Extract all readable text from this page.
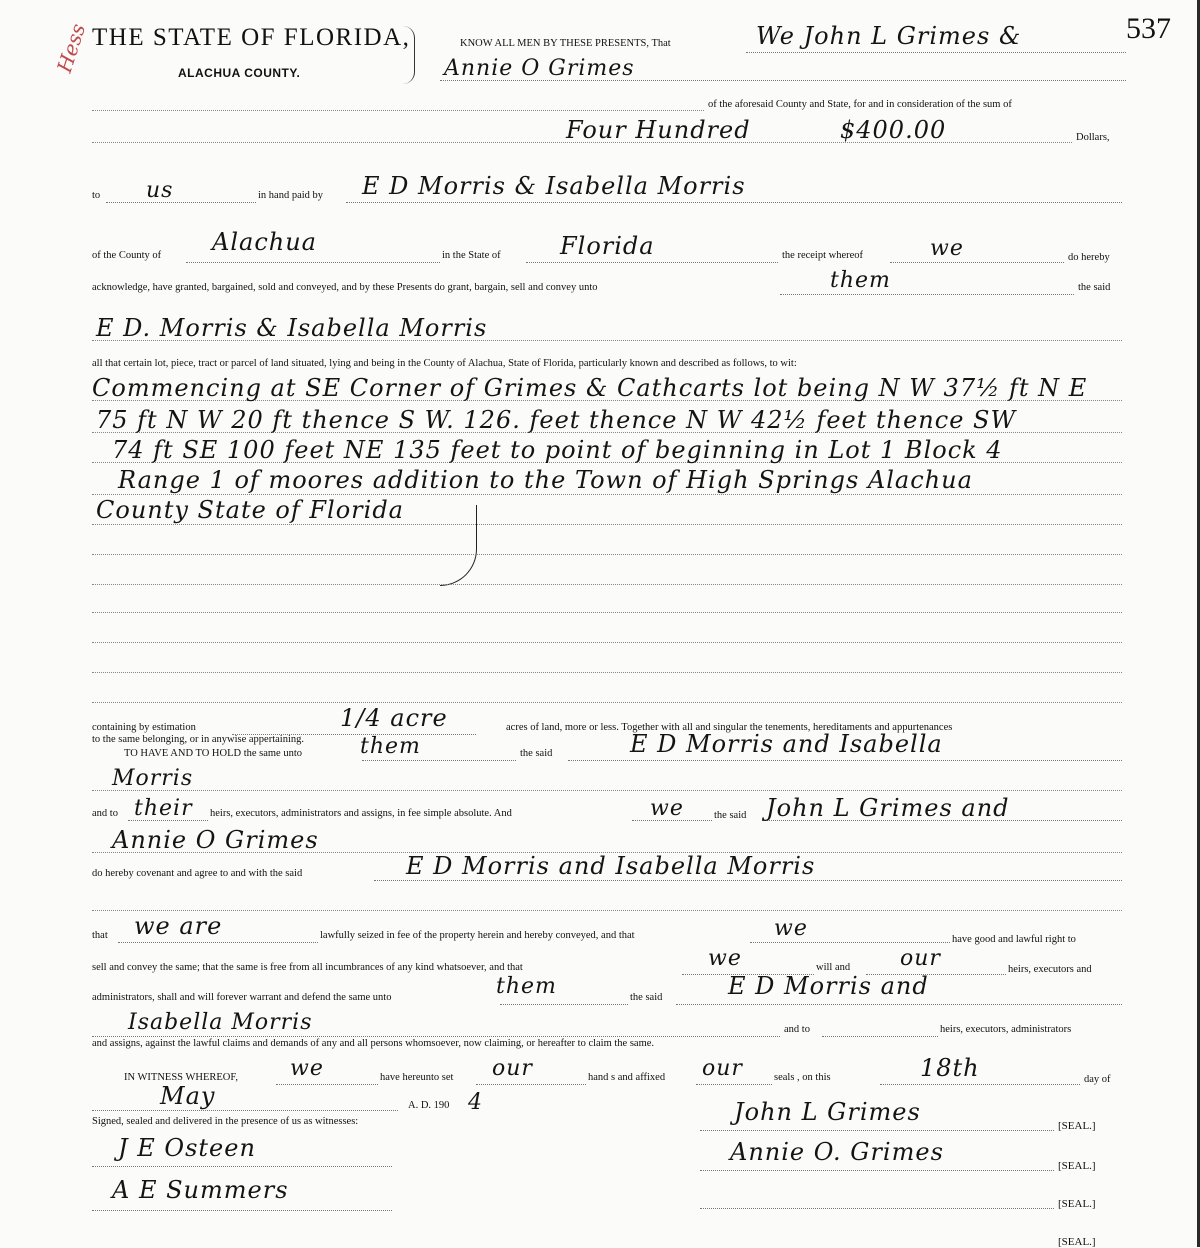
Hess THE STATE OF FLORIDA,
ALACHUA COUNTY.
537
KNOW ALL MEN BY THESE PRESENTS, That	We John L Grimes &
Annie O Grimes
of the aforesaid County and State, for and in consideration of the sum of
Four Hundred	$400.00	Dollars,
to us	in hand paid by E D Morris & Isabella Morris
of the County of Alachua	in the State of Florida	the receipt whereof	we	do hereby
acknowledge, have granted, bargained, sold and conveyed, and by these Presents do grant, bargain, sell and convey unto	them	the said
E D. Morris & Isabella Morris
all that certain lot, piece, tract or parcel of land situated, lying and being in the County of Alachua, State of Florida, particularly known and described as follows, to wit:
Commencing at SE Corner of Grimes & Cathcarts lot being N W 37½ ft N E
75 ft N W 20 ft thence S W. 126. feet thence N W 42½ feet thence SW
74 ft SE 100 feet NE 135 feet to point of beginning in Lot 1 Block 4
Range 1 of moores addition to the Town of High Springs Alachua
County State of Florida
containing by estimation	1/4 acre	acres of land, more or less. Together with all and singular the tenements, hereditaments and appurtenances
to the same belonging, or in anywise appertaining.
TO HAVE AND TO HOLD the same unto	them	the said	E D Morris and Isabella
Morris
and to their heirs, executors, administrators and assigns, in fee simple absolute. And	we	the said John L Grimes and
Annie O Grimes
do hereby covenant and agree to and with the said	E D Morris and Isabella Morris
that we are	lawfully seized in fee of the property herein and hereby conveyed, and that	we	have good and lawful right to
sell and convey the same; that the same is free from all incumbrances of any kind whatsoever, and that	we	will and our	heirs, executors and
administrators, shall and will forever warrant and defend the same unto	them	the said	E D Morris and
Isabella Morris	and to	heirs, executors, administrators
and assigns, against the lawful claims and demands of any and all persons whomsoever, now claiming, or hereafter to claim the same.
IN WITNESS WHEREOF, we	have hereunto set our	hand s and affixed our	seals , on this	18th	day of
May	A. D. 190 4
Signed, sealed and delivered in the presence of us as witnesses:
J E Osteen
A E Summers
John L Grimes	[SEAL.]
Annie O. Grimes	[SEAL.]
[SEAL.]
[SEAL.]
